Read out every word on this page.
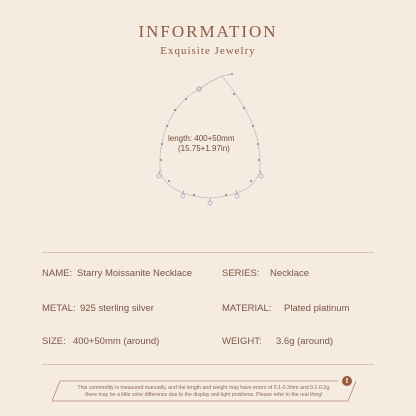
INFORMATION
Exquisite Jewelry
length: 400+50mm
(15.75+1.97in)
NAME: Starry Moissanite Necklace	SERIES: Necklace
METAL: 925 sterling silver	MATERIAL: Plated platinum
SIZE: 400+50mm (around)	WEIGHT: 3.6g (around)
!
This commodity is measured manually, and the length and weight may have errors of 0.1-0.2mm and 0.1-0.2g,
there may be a little color difference due to the display and light problems. Please refer to the real thing!
